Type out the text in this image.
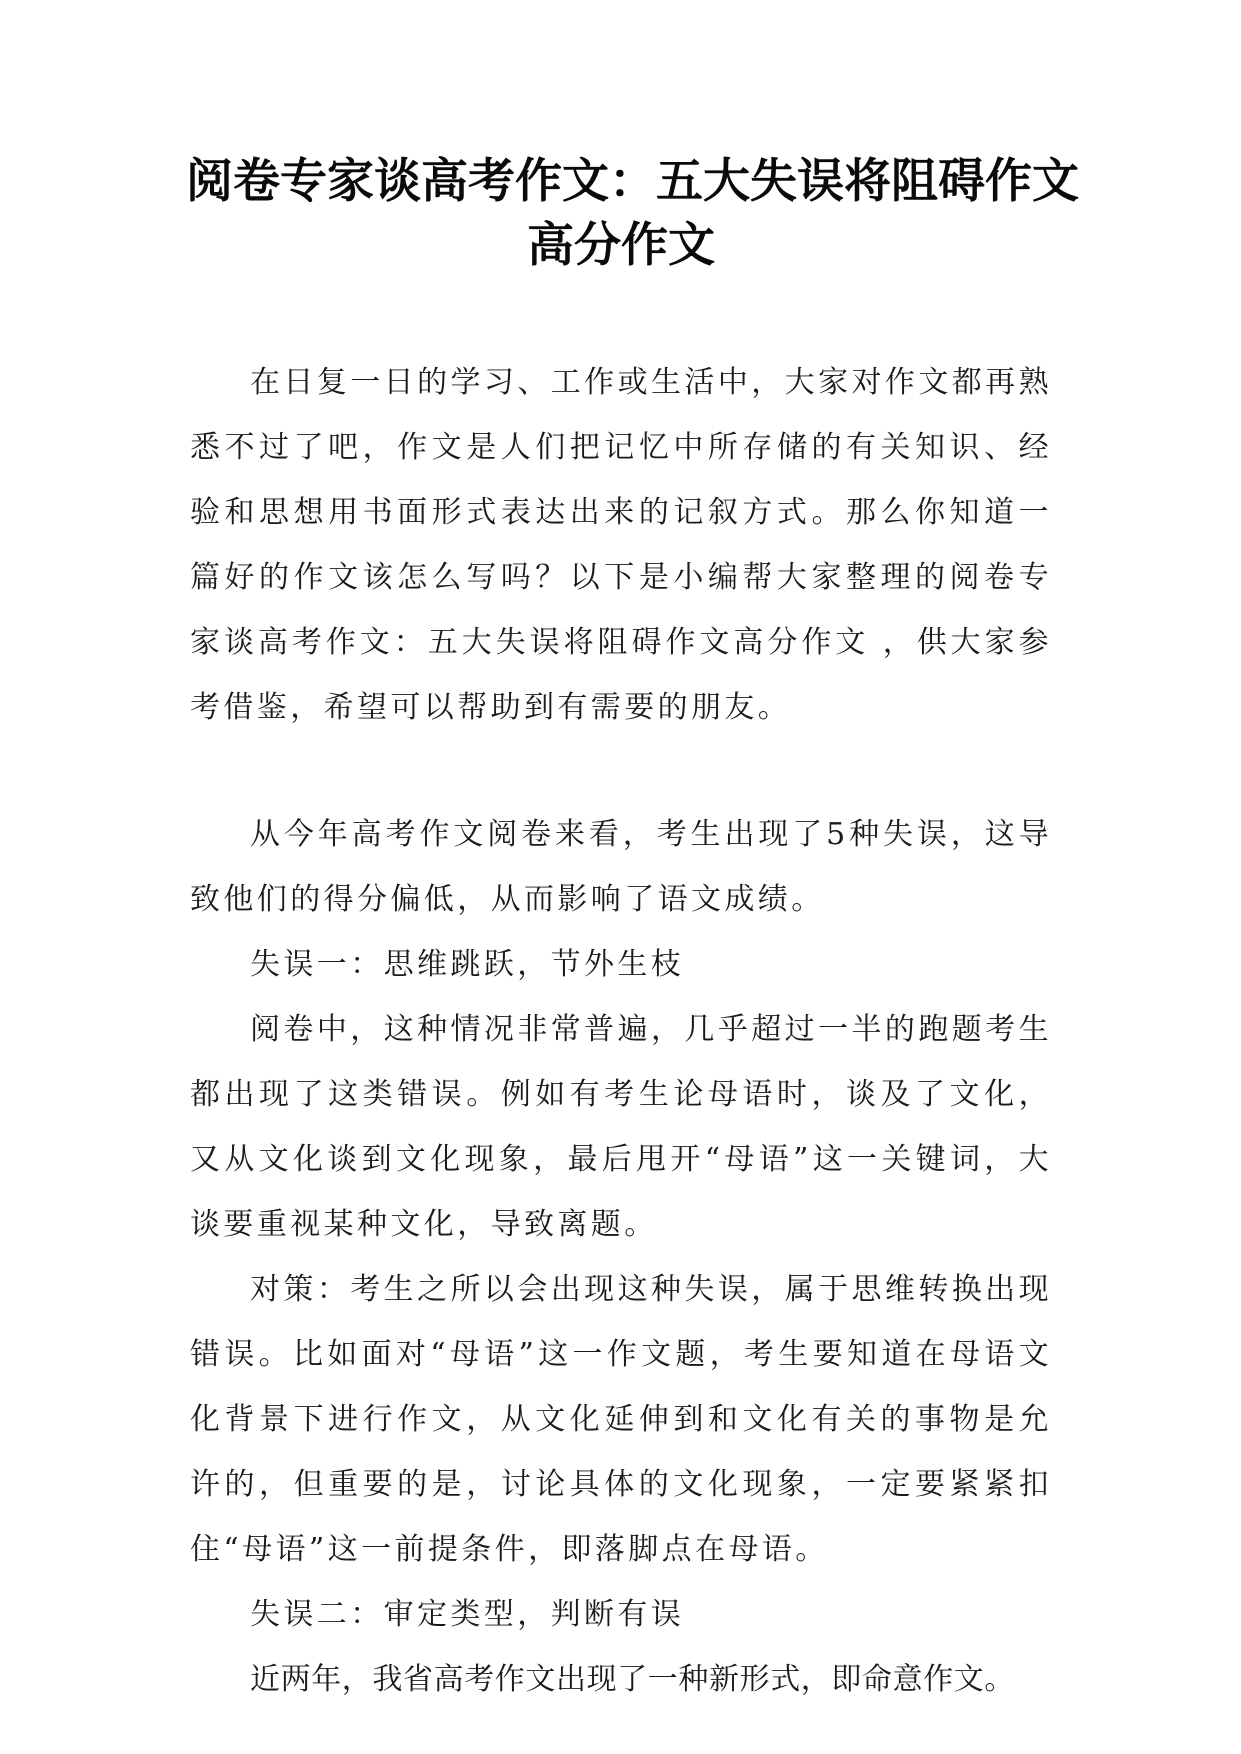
阅卷专家谈高考作文：五大失误将阻碍作文
高分作文

在日复一日的学习、工作或生活中，大家对作文都再熟悉不过了吧，作文是人们把记忆中所存储的有关知识、经验和思想用书面形式表达出来的记叙方式。那么你知道一篇好的作文该怎么写吗？以下是小编帮大家整理的阅卷专家谈高考作文：五大失误将阻碍作文高分作文 ，供大家参考借鉴，希望可以帮助到有需要的朋友。

从今年高考作文阅卷来看，考生出现了5种失误，这导致他们的得分偏低，从而影响了语文成绩。

失误一：思维跳跃，节外生枝

阅卷中，这种情况非常普遍，几乎超过一半的跑题考生都出现了这类错误。例如有考生论母语时，谈及了文化，又从文化谈到文化现象，最后甩开“母语”这一关键词，大谈要重视某种文化，导致离题。

对策：考生之所以会出现这种失误，属于思维转换出现错误。比如面对“母语”这一作文题，考生要知道在母语文化背景下进行作文，从文化延伸到和文化有关的事物是允许的，但重要的是，讨论具体的文化现象，一定要紧紧扣住“母语”这一前提条件，即落脚点在母语。

失误二：审定类型，判断有误

近两年，我省高考作文出现了一种新形式，即命意作文。
